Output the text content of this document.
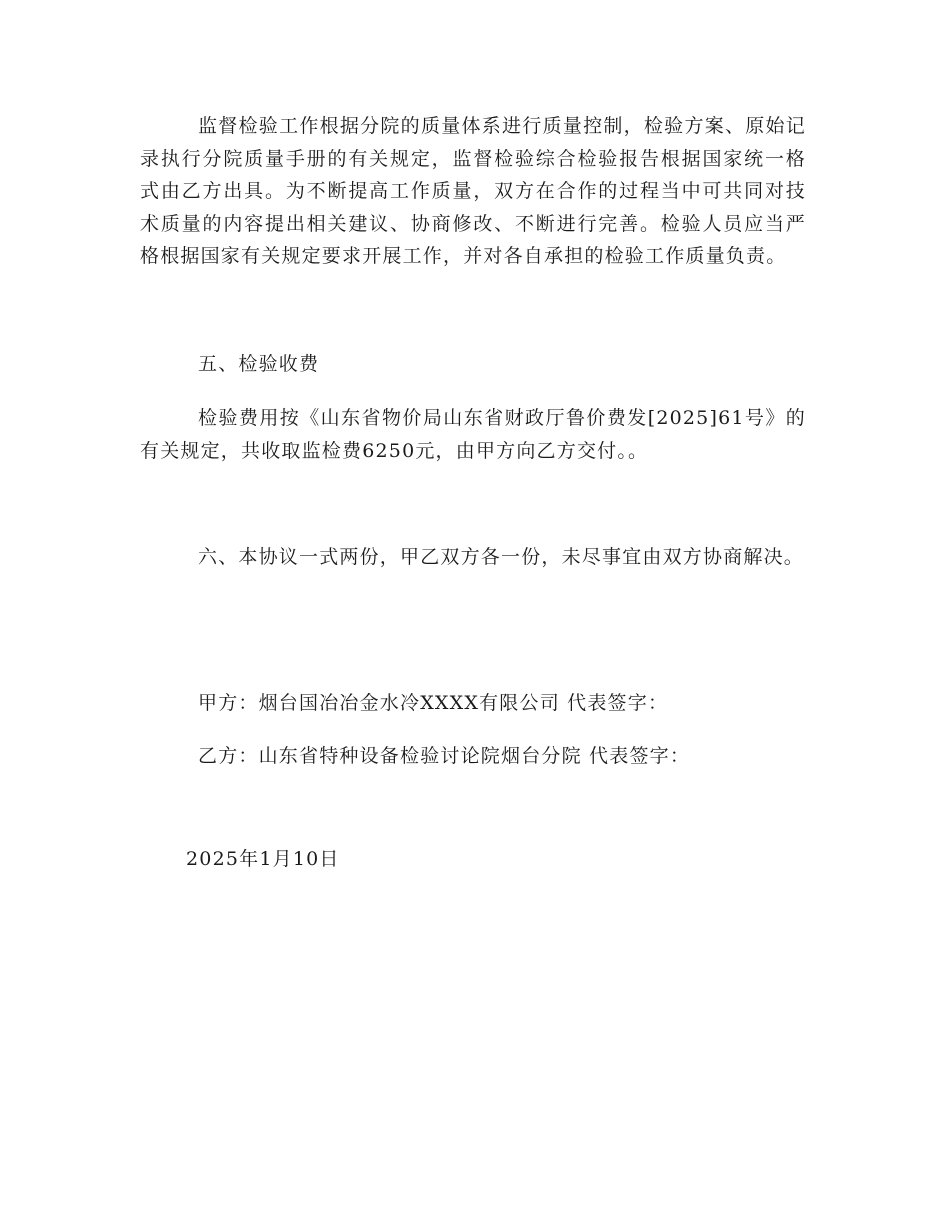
监督检验工作根据分院的质量体系进行质量控制，检验方案、原始记录执行分院质量手册的有关规定，监督检验综合检验报告根据国家统一格式由乙方出具。为不断提高工作质量，双方在合作的过程当中可共同对技术质量的内容提出相关建议、协商修改、不断进行完善。检验人员应当严格根据国家有关规定要求开展工作，并对各自承担的检验工作质量负责。

五、检验收费

检验费用按《山东省物价局山东省财政厅鲁价费发[2025]61号》的有关规定，共收取监检费6250元，由甲方向乙方交付。。

六、本协议一式两份，甲乙双方各一份，未尽事宜由双方协商解决。

甲方：烟台国冶冶金水冷XXXX有限公司 代表签字：

乙方：山东省特种设备检验讨论院烟台分院 代表签字：

2025年1月10日
